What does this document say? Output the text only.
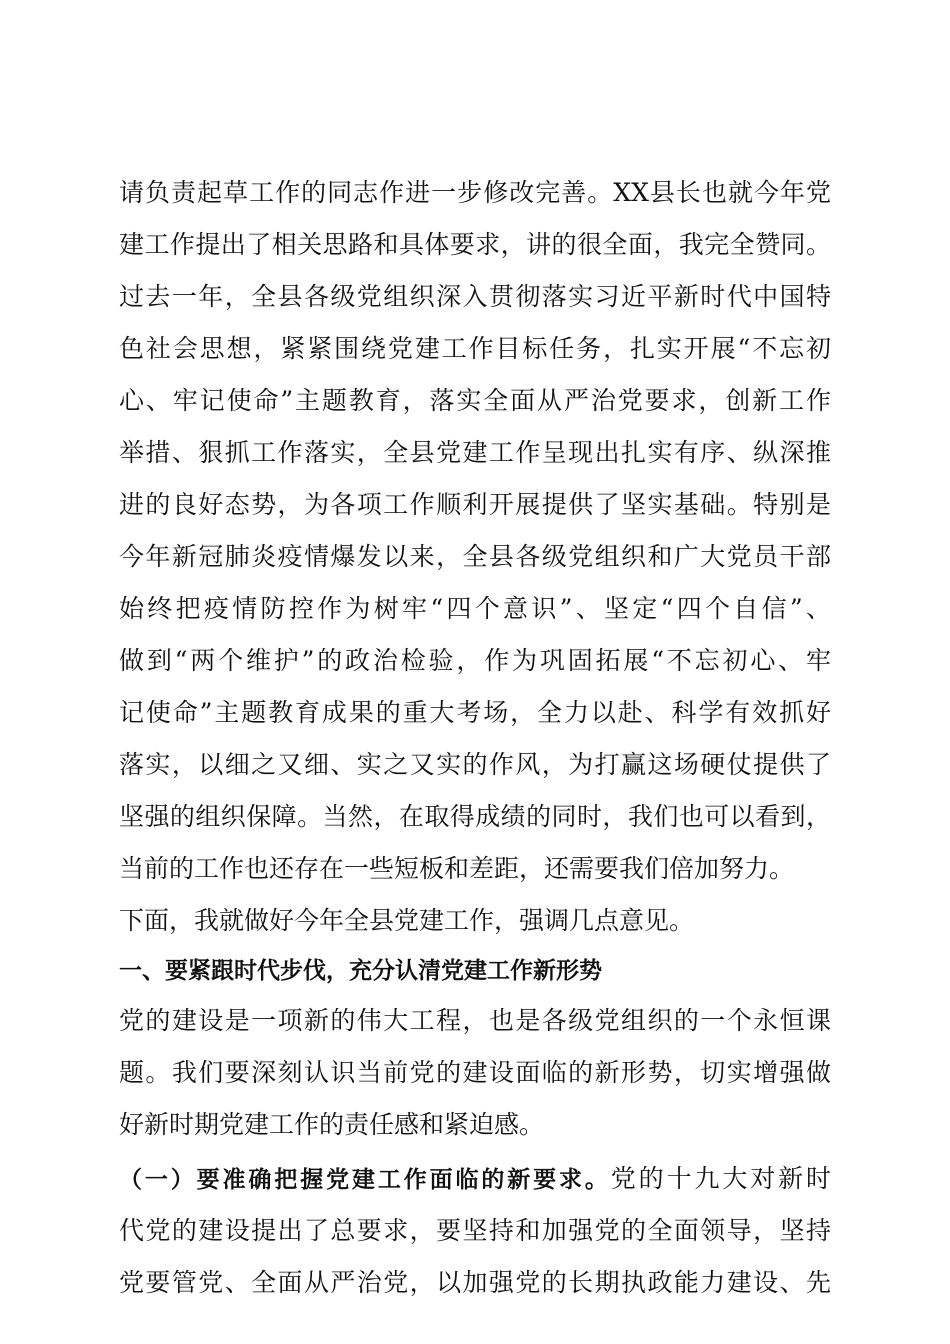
请负责起草工作的同志作进一步修改完善。XX县长也就今年党
建工作提出了相关思路和具体要求，讲的很全面，我完全赞同。
过去一年，全县各级党组织深入贯彻落实习近平新时代中国特
色社会思想，紧紧围绕党建工作目标任务，扎实开展“不忘初
心、牢记使命”主题教育，落实全面从严治党要求，创新工作
举措、狠抓工作落实，全县党建工作呈现出扎实有序、纵深推
进的良好态势，为各项工作顺利开展提供了坚实基础。特别是
今年新冠肺炎疫情爆发以来，全县各级党组织和广大党员干部
始终把疫情防控作为树牢“四个意识”、坚定“四个自信”、
做到“两个维护”的政治检验，作为巩固拓展“不忘初心、牢
记使命”主题教育成果的重大考场，全力以赴、科学有效抓好
落实，以细之又细、实之又实的作风，为打赢这场硬仗提供了
坚强的组织保障。当然，在取得成绩的同时，我们也可以看到，
当前的工作也还存在一些短板和差距，还需要我们倍加努力。
下面，我就做好今年全县党建工作，强调几点意见。
一、要紧跟时代步伐，充分认清党建工作新形势
党的建设是一项新的伟大工程，也是各级党组织的一个永恒课
题。我们要深刻认识当前党的建设面临的新形势，切实增强做
好新时期党建工作的责任感和紧迫感。
（一）要准确把握党建工作面临的新要求。党的十九大对新时
代党的建设提出了总要求，要坚持和加强党的全面领导，坚持
党要管党、全面从严治党，以加强党的长期执政能力建设、先
